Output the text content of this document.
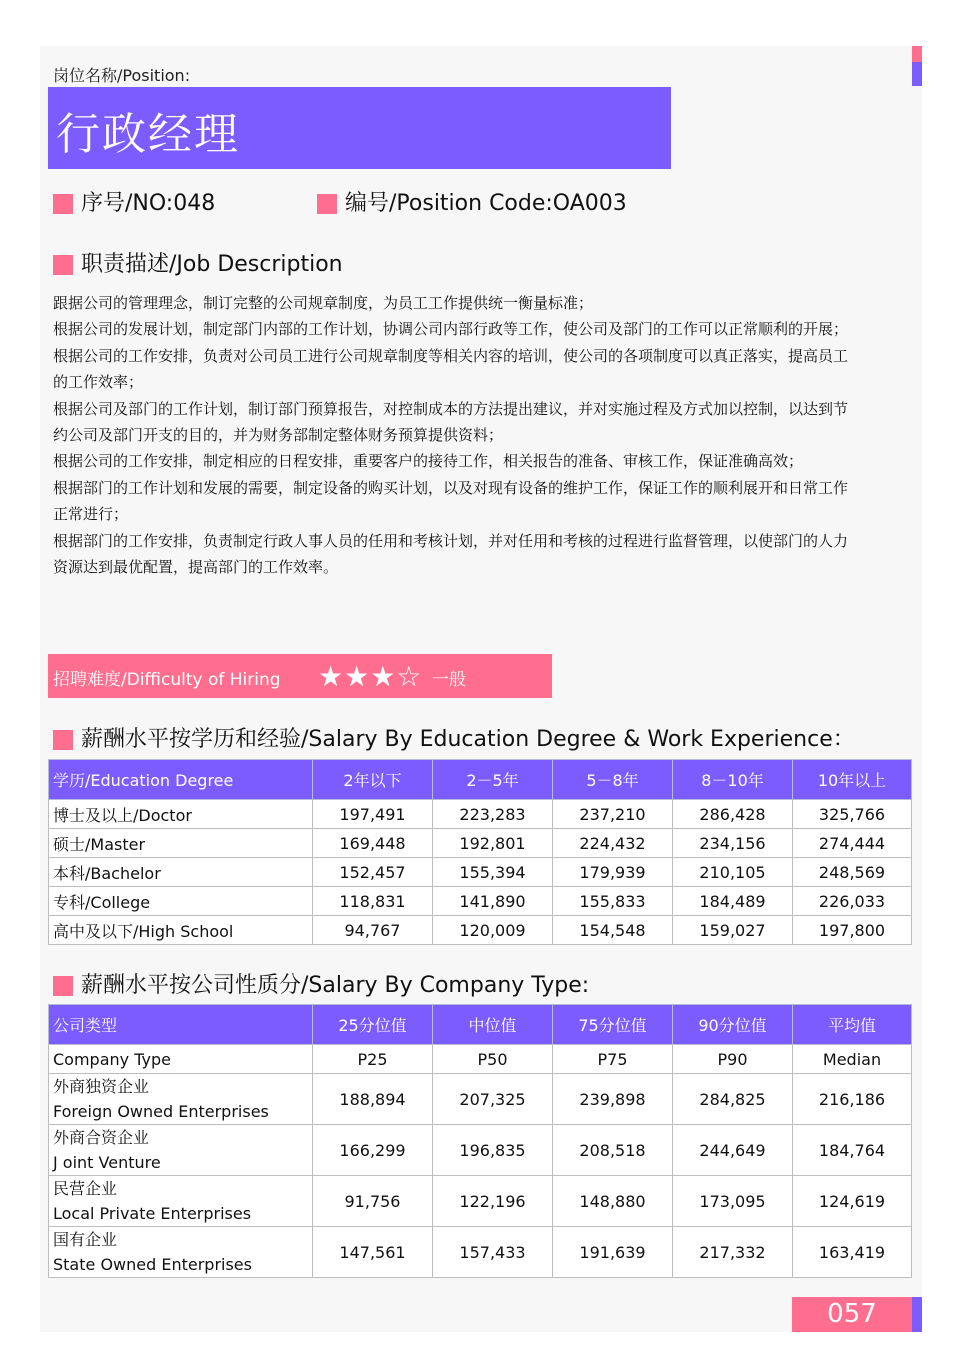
岗位名称/Position:
行政经理
序号/NO:048	编号/Position Code:OA003
职责描述/Job Description

跟据公司的管理理念，制订完整的公司规章制度，为员工工作提供统一衡量标准；

根据公司的发展计划，制定部门内部的工作计划，协调公司内部行政等工作，使公司及部门的工作可以正常顺利的开展；

根据公司的工作安排，负责对公司员工进行公司规章制度等相关内容的培训，使公司的各项制度可以真正落实，提高员工

的工作效率；

根据公司及部门的工作计划，制订部门预算报告，对控制成本的方法提出建议，并对实施过程及方式加以控制，以达到节

约公司及部门开支的目的，并为财务部制定整体财务预算提供资料；

根据公司的工作安排，制定相应的日程安排，重要客户的接待工作，相关报告的准备、审核工作，保证准确高效；

根据部门的工作计划和发展的需要，制定设备的购买计划，以及对现有设备的维护工作，保证工作的顺利展开和日常工作

正常进行；

根据部门的工作安排，负责制定行政人事人员的任用和考核计划，并对任用和考核的过程进行监督管理，以使部门的人力

资源达到最优配置，提高部门的工作效率。

招聘难度/Difficulty of Hiring ★★★☆ 一般
薪酬水平按学历和经验/Salary By Education Degree & Work Experience：
学历/Education Degree	2年以下	2－5年	5－8年	8－10年	10年以上
博士及以上/Doctor	197,491	223,283	237,210	286,428	325,766
硕士/Master	169,448	192,801	224,432	234,156	274,444
本科/Bachelor	152,457	155,394	179,939	210,105	248,569
专科/College	118,831	141,890	155,833	184,489	226,033
高中及以下/High School	94,767	120,009	154,548	159,027	197,800
薪酬水平按公司性质分/Salary By Company Type:
公司类型	25分位值	中位值	75分位值	90分位值	平均值
Company Type	P25	P50	P75	P90	Median

外商独资企业
Foreign Owned Enterprises	188,894	207,325	239,898	284,825	216,186

外商合资企业
J oint Venture	166,299	196,835	208,518	244,649	184,764

民营企业
Local Private Enterprises	91,756	122,196	148,880	173,095	124,619

国有企业
State Owned Enterprises	147,561	157,433	191,639	217,332	163,419
057
